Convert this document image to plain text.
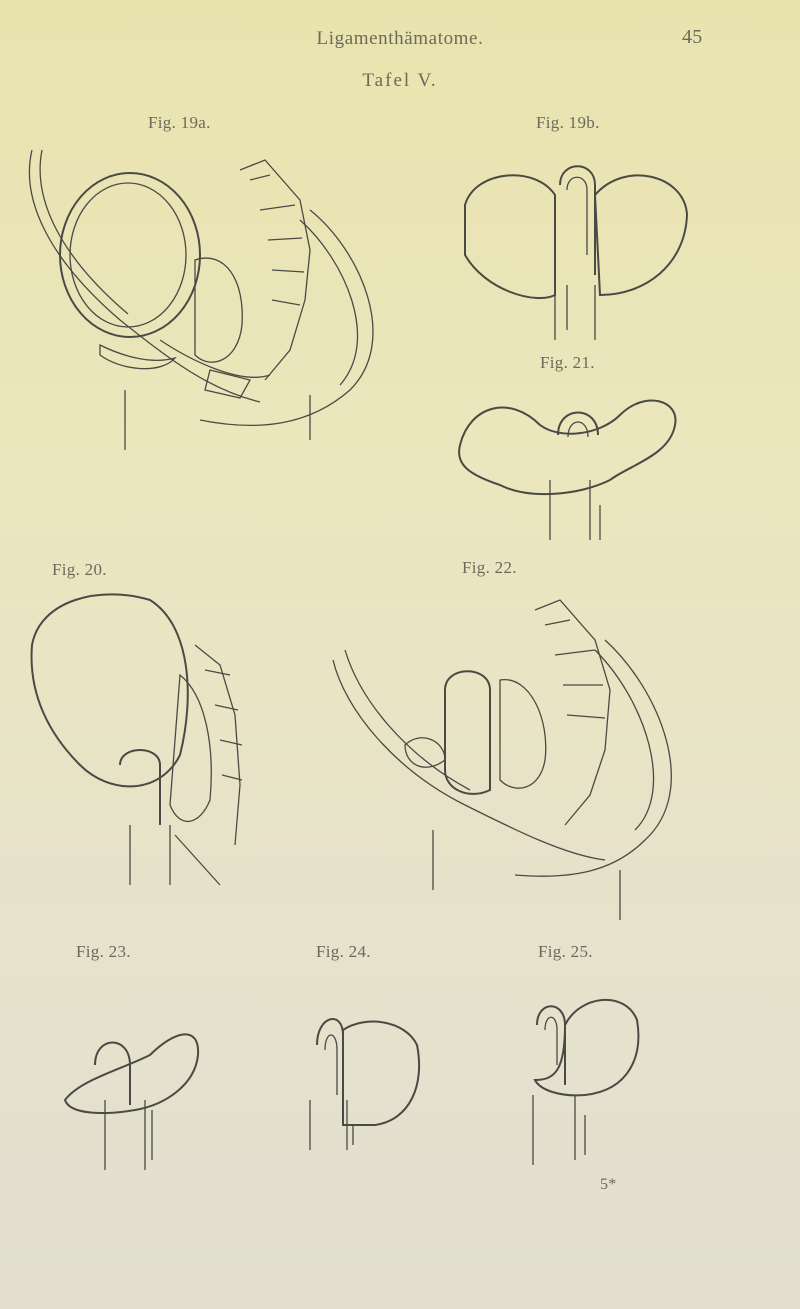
Ligamenthämatome.	45
Tafel V.
Fig. 19a.	Fig. 19b.
Fig. 20.
Fig. 21.
Fig. 22.
Fig. 23.	Fig. 24.	Fig. 25.
5*
